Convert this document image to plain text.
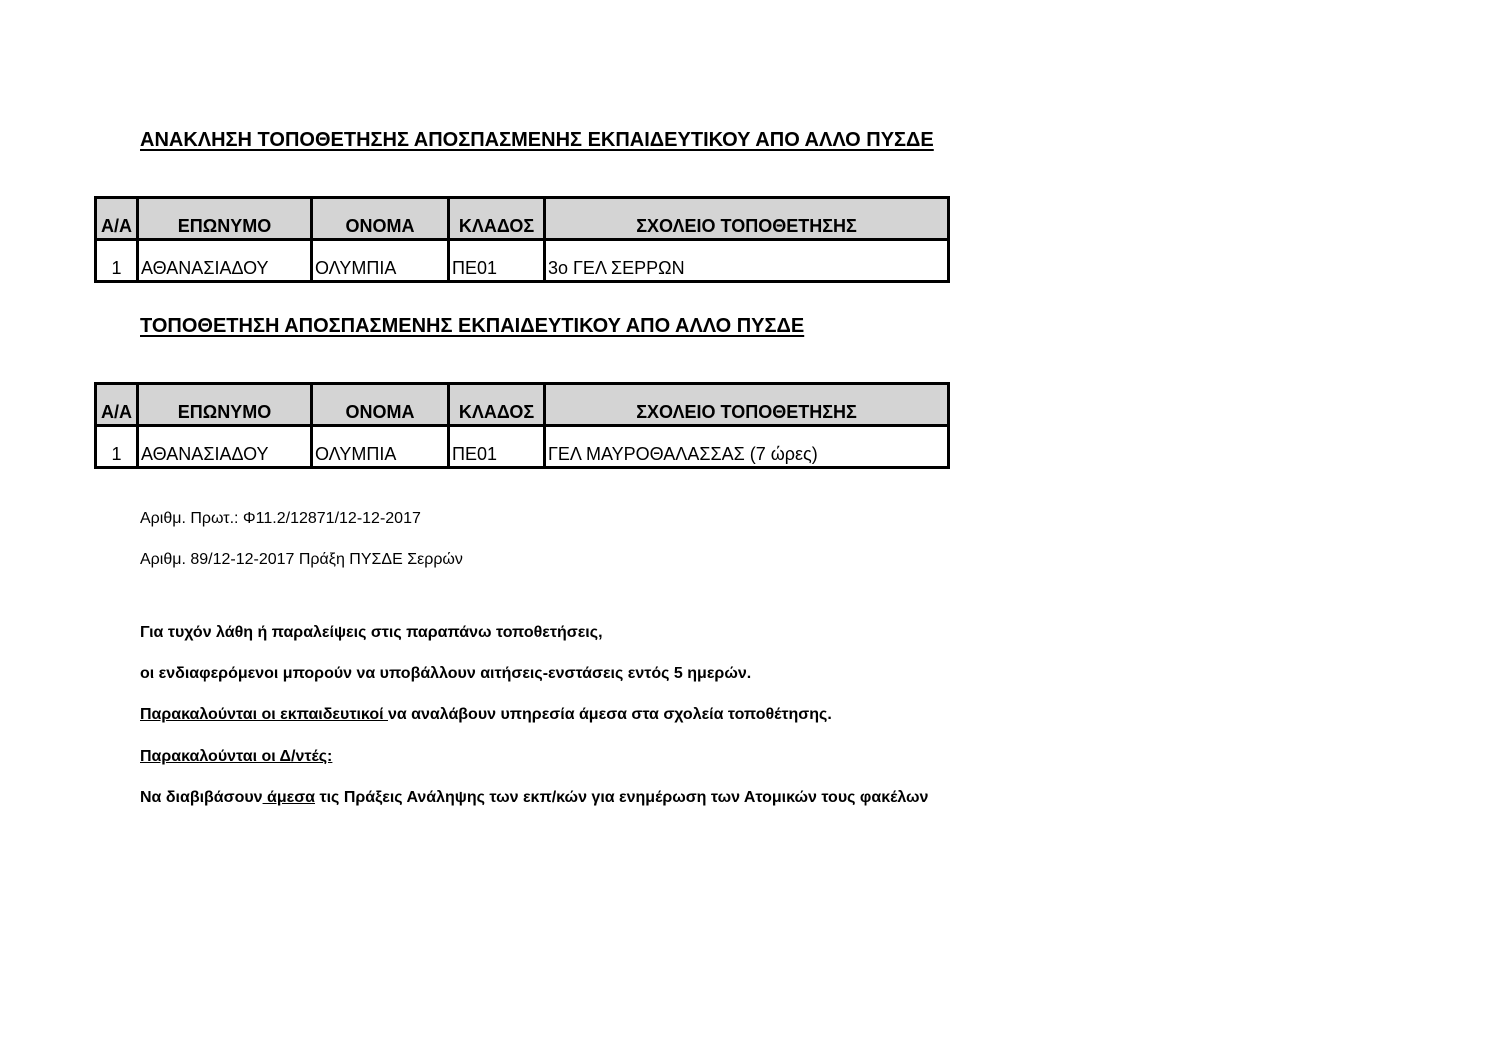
ΑΝΑΚΛΗΣΗ ΤΟΠΟΘΕΤΗΣΗΣ ΑΠΟΣΠΑΣΜΕΝΗΣ ΕΚΠΑΙΔΕΥΤΙΚΟΥ ΑΠΟ ΑΛΛΟ ΠΥΣΔΕ

Α/Α	ΕΠΩΝΥΜΟ	ΟΝΟΜΑ	ΚΛΑΔΟΣ	ΣΧΟΛΕΙΟ ΤΟΠΟΘΕΤΗΣΗΣ
1	ΑΘΑΝΑΣΙΑΔΟΥ	ΟΛΥΜΠΙΑ	ΠΕ01	3ο ΓΕΛ ΣΕΡΡΩΝ

ΤΟΠΟΘΕΤΗΣΗ ΑΠΟΣΠΑΣΜΕΝΗΣ ΕΚΠΑΙΔΕΥΤΙΚΟΥ ΑΠΟ ΑΛΛΟ ΠΥΣΔΕ

Α/Α	ΕΠΩΝΥΜΟ	ΟΝΟΜΑ	ΚΛΑΔΟΣ	ΣΧΟΛΕΙΟ ΤΟΠΟΘΕΤΗΣΗΣ
1	ΑΘΑΝΑΣΙΑΔΟΥ	ΟΛΥΜΠΙΑ	ΠΕ01	ΓΕΛ ΜΑΥΡΟΘΑΛΑΣΣΑΣ (7 ώρες)

Αριθμ. Πρωτ.: Φ11.2/12871/12-12-2017

Αριθμ. 89/12-12-2017 Πράξη ΠΥΣΔΕ Σερρών

Για τυχόν λάθη ή παραλείψεις στις παραπάνω τοποθετήσεις,

οι ενδιαφερόμενοι μπορούν να υποβάλλουν αιτήσεις-ενστάσεις εντός 5 ημερών.

Παρακαλούνται οι εκπαιδευτικοί να αναλάβουν υπηρεσία άμεσα στα σχολεία τοποθέτησης.

Παρακαλούνται οι Δ/ντές:

Να διαβιβάσουν άμεσα τις Πράξεις Ανάληψης των εκπ/κών για ενημέρωση των Ατομικών τους φακέλων
